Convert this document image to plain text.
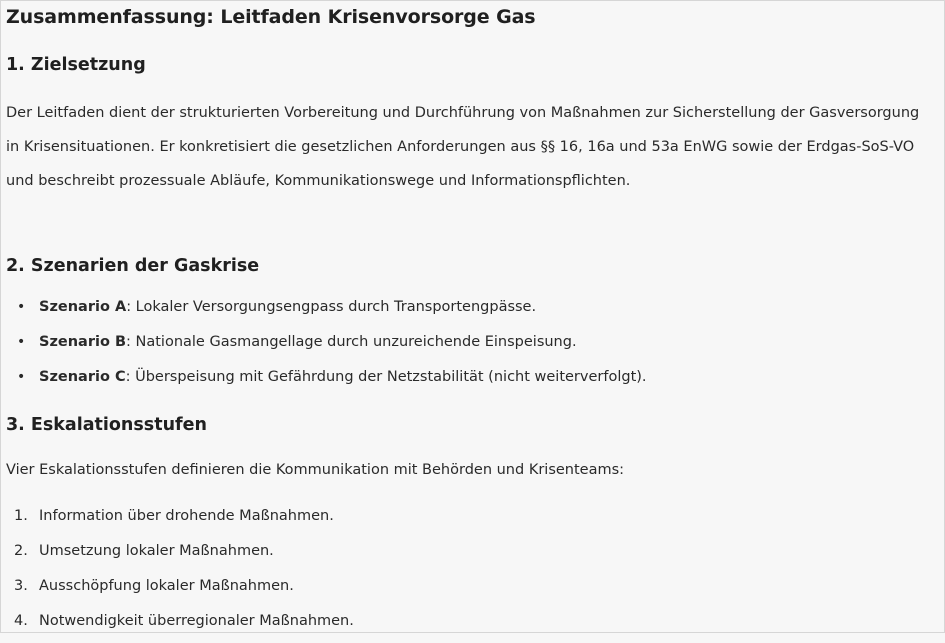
Zusammenfassung: Leitfaden Krisenvorsorge Gas
1. Zielsetzung

Der Leitfaden dient der strukturierten Vorbereitung und Durchführung von Maßnahmen zur Sicherstellung der Gasversorgung in Krisensituationen. Er konkretisiert die gesetzlichen Anforderungen aus §§ 16, 16a und 53a EnWG sowie der Erdgas-SoS-VO und beschreibt prozessuale Abläufe, Kommunikationswege und Informationspflichten.

2. Szenarien der Gaskrise
• Szenario A: Lokaler Versorgungsengpass durch Transportengpässe.
• Szenario B: Nationale Gasmangellage durch unzureichende Einspeisung.
• Szenario C: Überspeisung mit Gefährdung der Netzstabilität (nicht weiterverfolgt).
3. Eskalationsstufen

Vier Eskalationsstufen definieren die Kommunikation mit Behörden und Krisenteams:

1. Information über drohende Maßnahmen.
2. Umsetzung lokaler Maßnahmen.
3. Ausschöpfung lokaler Maßnahmen.
4. Notwendigkeit überregionaler Maßnahmen.
